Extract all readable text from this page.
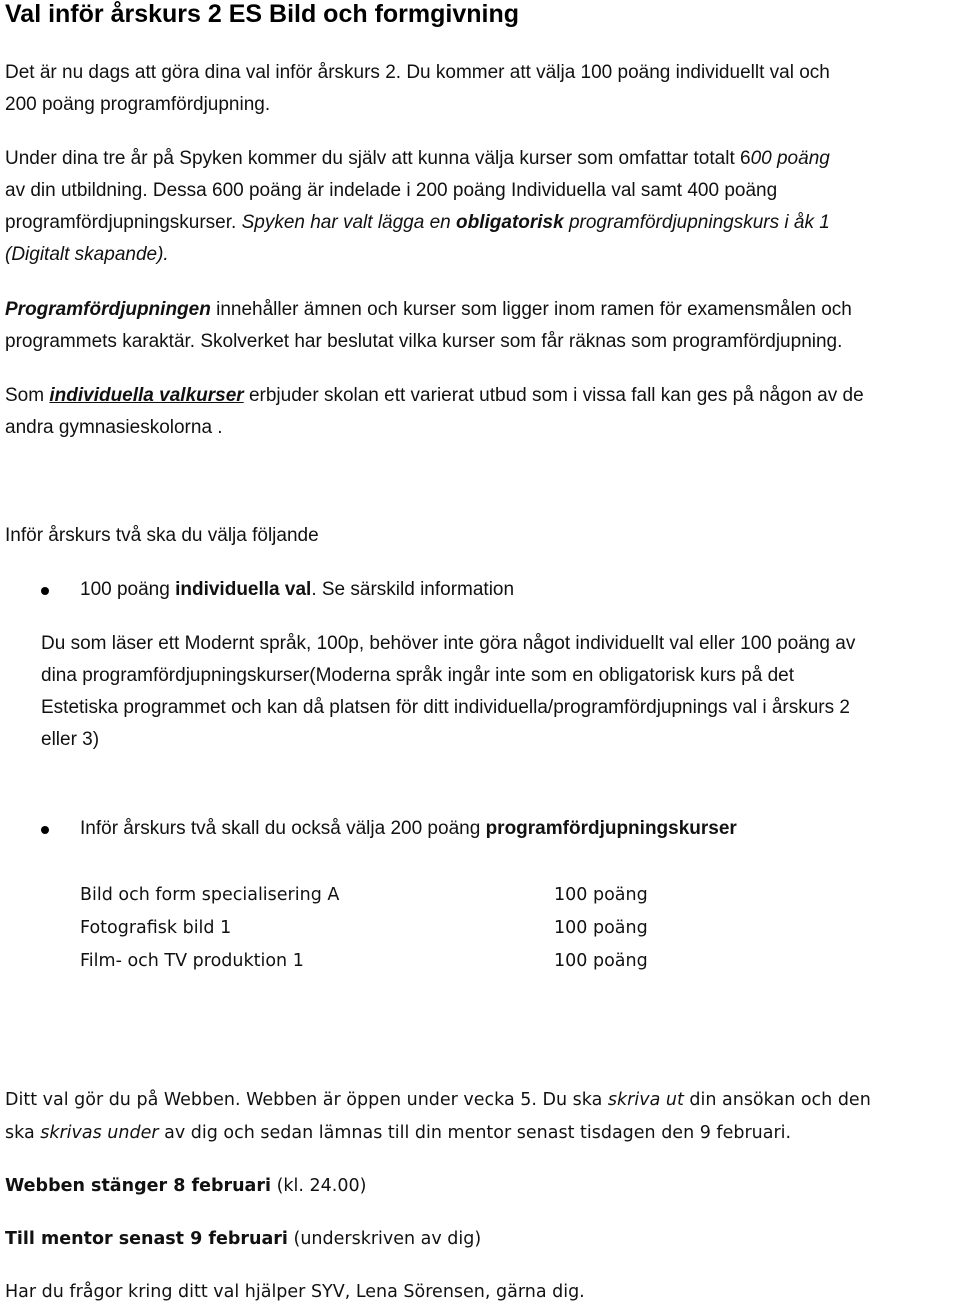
Val inför årskurs 2 ES Bild och formgivning
Det är nu dags att göra dina val inför årskurs 2. Du kommer att välja 100 poäng individuellt val och
200 poäng programfördjupning.
Under dina tre år på Spyken kommer du själv att kunna välja kurser som omfattar totalt 600 poäng
av din utbildning. Dessa 600 poäng är indelade i 200 poäng Individuella val samt 400 poäng
programfördjupningskurser. Spyken har valt lägga en obligatorisk programfördjupningskurs i åk 1
(Digitalt skapande).
Programfördjupningen innehåller ämnen och kurser som ligger inom ramen för examensmålen och
programmets karaktär. Skolverket har beslutat vilka kurser som får räknas som programfördjupning.
Som individuella valkurser erbjuder skolan ett varierat utbud som i vissa fall kan ges på någon av de
andra gymnasieskolorna .
Inför årskurs två ska du välja följande
100 poäng individuella val. Se särskild information
Du som läser ett Modernt språk, 100p, behöver inte göra något individuellt val eller 100 poäng av
dina programfördjupningskurser(Moderna språk ingår inte som en obligatorisk kurs på det
Estetiska programmet och kan då platsen för ditt individuella/programfördjupnings val i årskurs 2
eller 3)
Inför årskurs två skall du också välja 200 poäng programfördjupningskurser
Bild och form specialisering A
Fotografisk bild 1
Film- och TV produktion 1
100 poäng
100 poäng
100 poäng
Ditt val gör du på Webben. Webben är öppen under vecka 5. Du ska skriva ut din ansökan och den
ska skrivas under av dig och sedan lämnas till din mentor senast tisdagen den 9 februari.
Webben stänger 8 februari (kl. 24.00)
Till mentor senast 9 februari (underskriven av dig)
Har du frågor kring ditt val hjälper SYV, Lena Sörensen, gärna dig.
